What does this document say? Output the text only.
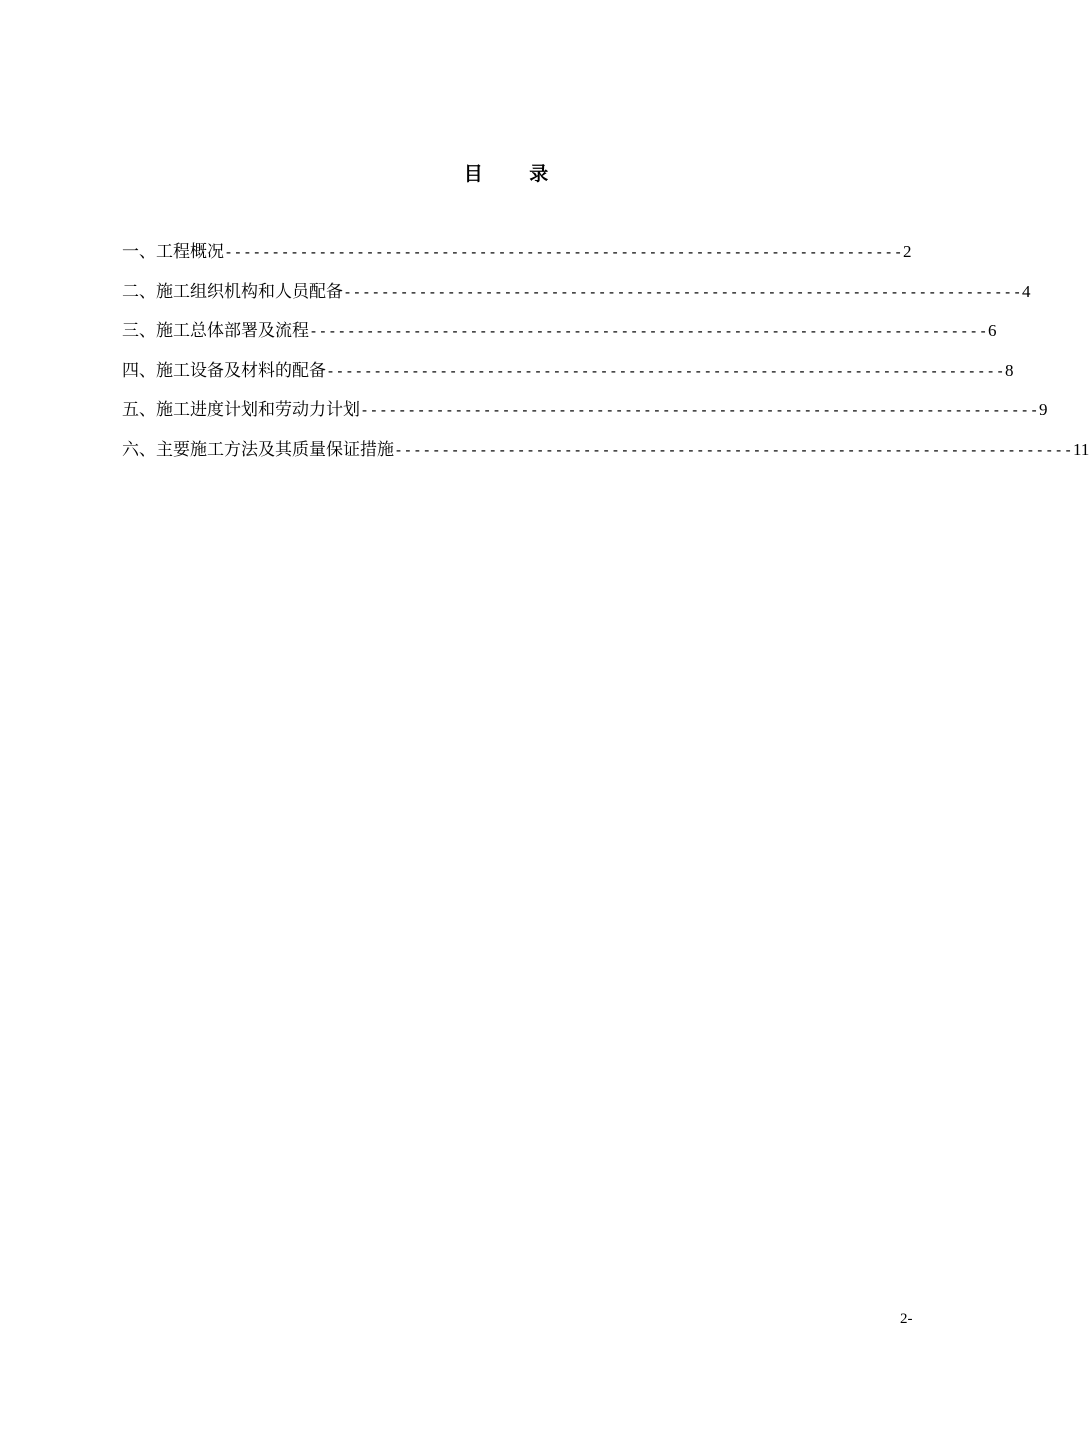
目 录
一、工程概况 ------------------------------------------------------------------------ 2
二、施工组织机构和人员配备 ------------------------------------------------------------------------ 4
三、施工总体部署及流程 ------------------------------------------------------------------------ 6
四、施工设备及材料的配备 ------------------------------------------------------------------------ 8
五、施工进度计划和劳动力计划 ------------------------------------------------------------------------ 9
六、主要施工方法及其质量保证措施 ------------------------------------------------------------------------ 11
2-
